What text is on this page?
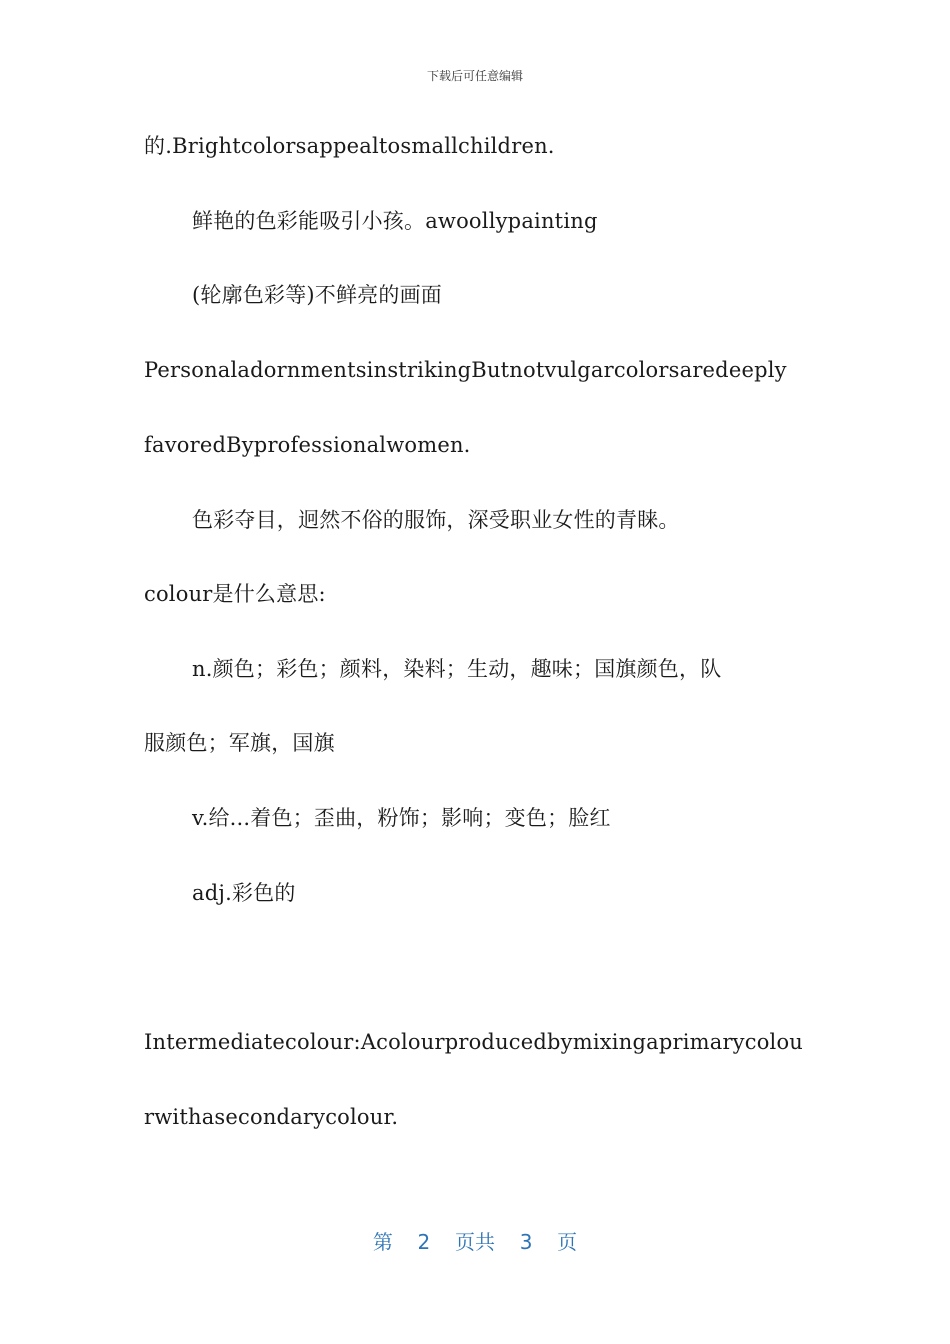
下载后可任意编辑
的.Brightcolorsappealtosmallchildren.
鲜艳的色彩能吸引小孩。awoollypainting
(轮廓色彩等)不鲜亮的画面
PersonaladornmentsinstrikingButnotvulgarcolorsaredeeply
favoredByprofessionalwomen.
色彩夺目，迥然不俗的服饰，深受职业女性的青睐。
colour是什么意思:
n.颜色；彩色；颜料，染料；生动，趣味；国旗颜色，队
服颜色；军旗，国旗
v.给...着色；歪曲，粉饰；影响；变色；脸红
adj.彩色的
Intermediatecolour:Acolourproducedbymixingaprimarycolou
rwithasecondarycolour.
第  2  页共  3  页
